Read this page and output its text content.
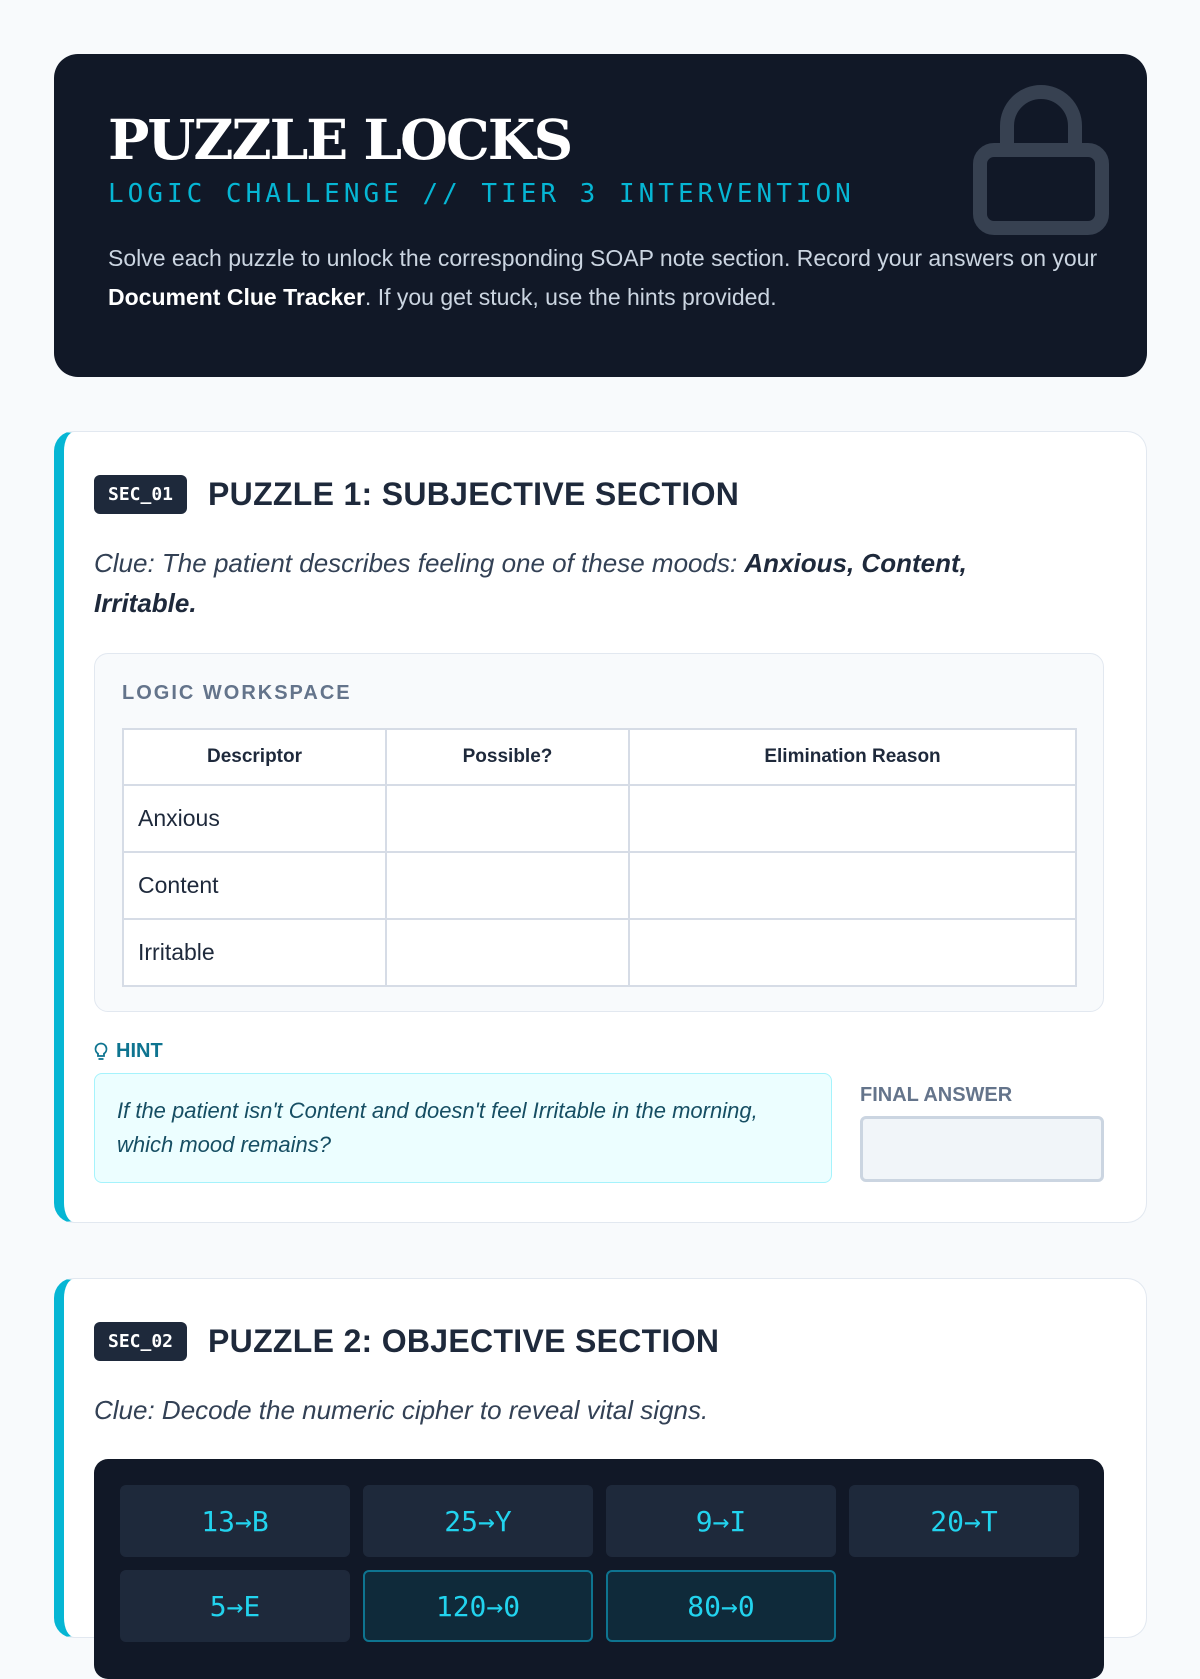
PUZZLE LOCKS
LOGIC CHALLENGE // TIER 3 INTERVENTION

Solve each puzzle to unlock the corresponding SOAP note section. Record your answers on your Document Clue Tracker. If you get stuck, use the hints provided.

SEC_01	PUZZLE 1: SUBJECTIVE SECTION

Clue: The patient describes feeling one of these moods: Anxious, Content, Irritable.

LOGIC WORKSPACE
Descriptor	Possible?	Elimination Reason
Anxious		
Content		
Irritable		
HINT
If the patient isn't Content and doesn't feel Irritable in the morning, which mood remains?
FINAL ANSWER
SEC_02	PUZZLE 2: OBJECTIVE SECTION

Clue: Decode the numeric cipher to reveal vital signs.

13→B	25→Y	9→I	20→T
5→E	120→0	80→0
